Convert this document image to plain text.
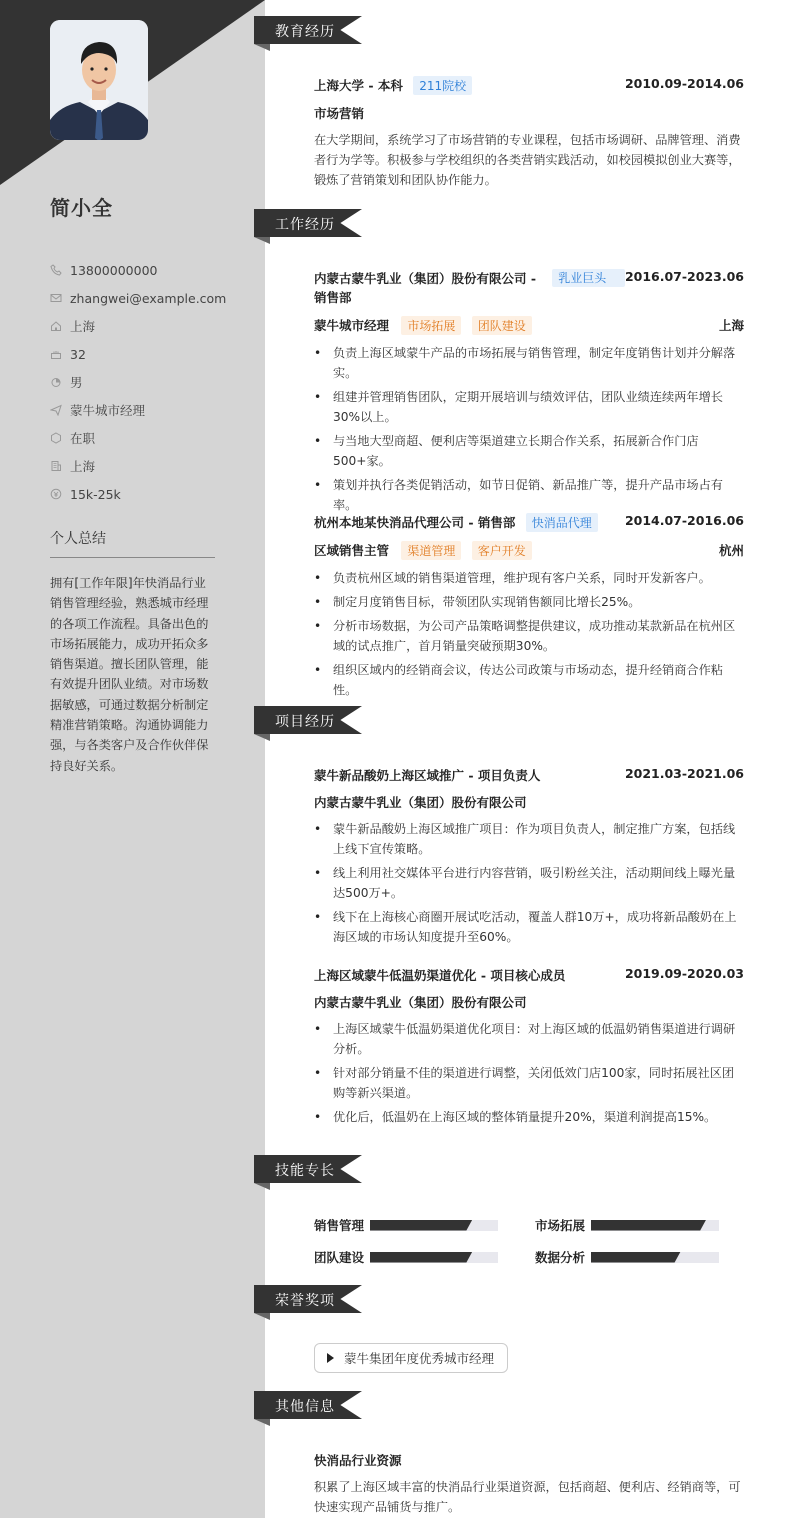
简小全
13800000000
zhangwei@example.com
上海
32
男
蒙牛城市经理
在职
上海
15k-25k
个人总结
拥有[工作年限]年快消品行业销售管理经验，熟悉城市经理的各项工作流程。具备出色的市场拓展能力，成功开拓众多销售渠道。擅长团队管理，能有效提升团队业绩。对市场数据敏感，可通过数据分析制定精准营销策略。沟通协调能力强，与各类客户及合作伙伴保持良好关系。
教育经历
工作经历
项目经历
技能专长
荣誉奖项
其他信息
上海大学 - 本科 211院校	2010.09-2014.06
市场营销
在大学期间，系统学习了市场营销的专业课程，包括市场调研、品牌管理、消费者行为学等。积极参与学校组织的各类营销实践活动，如校园模拟创业大赛等，锻炼了营销策划和团队协作能力。
内蒙古蒙牛乳业（集团）股份有限公司 - 销售部
乳业巨头	2016.07-2023.06
蒙牛城市经理 市场拓展 团队建设	上海
• 负责上海区域蒙牛产品的市场拓展与销售管理，制定年度销售计划并分解落实。
• 组建并管理销售团队，定期开展培训与绩效评估，团队业绩连续两年增长30%以上。
• 与当地大型商超、便利店等渠道建立长期合作关系，拓展新合作门店500+家。
• 策划并执行各类促销活动，如节日促销、新品推广等，提升产品市场占有率。
杭州本地某快消品代理公司 - 销售部 快消品代理	2014.07-2016.06
区域销售主管 渠道管理 客户开发	杭州
• 负责杭州区域的销售渠道管理，维护现有客户关系，同时开发新客户。
• 制定月度销售目标，带领团队实现销售额同比增长25%。
• 分析市场数据，为公司产品策略调整提供建议，成功推动某款新品在杭州区域的试点推广，首月销量突破预期30%。
• 组织区域内的经销商会议，传达公司政策与市场动态，提升经销商合作粘性。
蒙牛新品酸奶上海区域推广 - 项目负责人	2021.03-2021.06
内蒙古蒙牛乳业（集团）股份有限公司
• 蒙牛新品酸奶上海区域推广项目：作为项目负责人，制定推广方案，包括线上线下宣传策略。
• 线上利用社交媒体平台进行内容营销，吸引粉丝关注，活动期间线上曝光量达500万+。
• 线下在上海核心商圈开展试吃活动，覆盖人群10万+，成功将新品酸奶在上海区域的市场认知度提升至60%。
上海区域蒙牛低温奶渠道优化 - 项目核心成员	2019.09-2020.03
内蒙古蒙牛乳业（集团）股份有限公司
• 上海区域蒙牛低温奶渠道优化项目：对上海区域的低温奶销售渠道进行调研分析。
• 针对部分销量不佳的渠道进行调整，关闭低效门店100家，同时拓展社区团购等新兴渠道。
• 优化后，低温奶在上海区域的整体销量提升20%，渠道利润提高15%。
销售管理	市场拓展
团队建设	数据分析
蒙牛集团年度优秀城市经理
快消品行业资源
积累了上海区域丰富的快消品行业渠道资源，包括商超、便利店、经销商等，可快速实现产品铺货与推广。
